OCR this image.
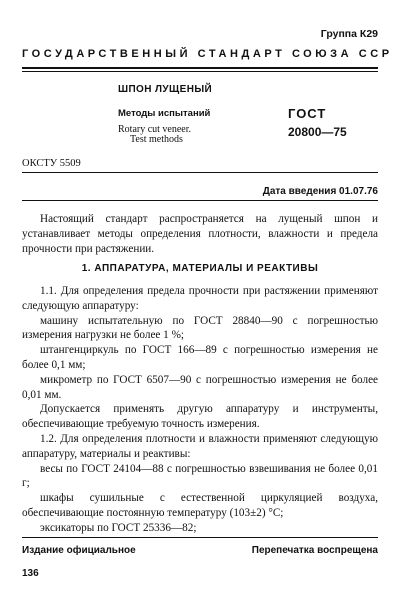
Группа К29
ГОСУДАРСТВЕННЫЙ СТАНДАРТ СОЮЗА ССР
ШПОН ЛУЩЕНЫЙ
Методы испытаний
Rotary cut veneer.
Test methods
ГОСТ
20800—75
ОКСТУ 5509
Дата введения 01.07.76

Настоящий стандарт распространяется на лущеный шпон и устанавливает методы определения плотности, влажности и предела прочности при растяжении.

1. АППАРАТУРА, МАТЕРИАЛЫ И РЕАКТИВЫ

1.1. Для определения предела прочности при растяжении применяют следующую аппаратуру:

машину испытательную по ГОСТ 28840—90 с погрешностью измерения нагрузки не более 1 %;

штангенциркуль по ГОСТ 166—89 с погрешностью измерения не более 0,1 мм;

микрометр по ГОСТ 6507—90 с погрешностью измерения не более 0,01 мм.

Допускается применять другую аппаратуру и инструменты, обеспечивающие требуемую точность измерения.

1.2. Для определения плотности и влажности применяют следующую аппаратуру, материалы и реактивы:

весы по ГОСТ 24104—88 с погрешностью взвешивания не более 0,01 г;

шкафы сушильные с естественной циркуляцией воздуха, обеспечивающие постоянную температуру (103±2) °С;

эксикаторы по ГОСТ 25336—82;

Издание официальное	Перепечатка воспрещена
136
